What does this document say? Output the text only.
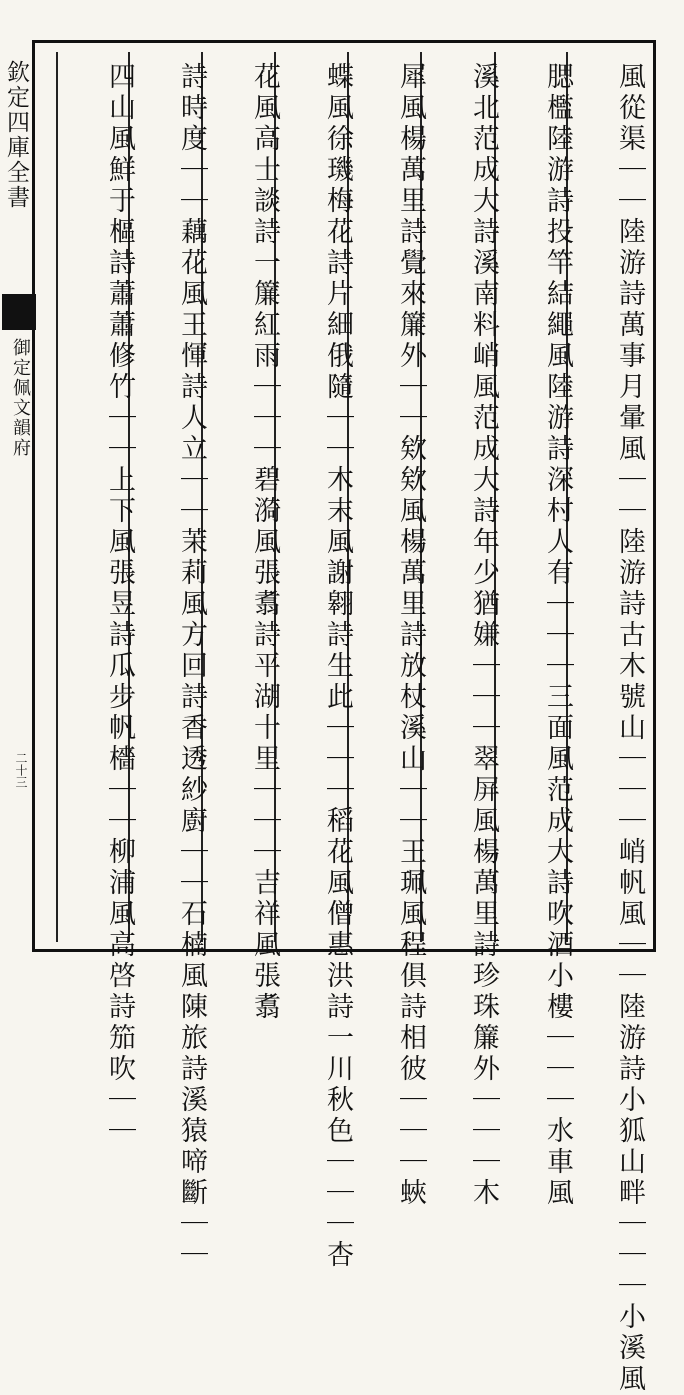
欽定四庫全書
御定佩文韻府
二十三	風從渠｜｜陸游詩萬事月暈風｜｜陸游詩古木號山｜｜｜峭帆風｜｜陸游詩小狐山畔｜｜｜小溪風
腮檻陸游詩投竿結繩風陸游詩深村人有｜｜｜三面風范成大詩吹酒小樓｜｜｜水車風
溪北范成大詩溪南料峭風范成大詩年少猶嫌｜｜｜翠屏風楊萬里詩珍珠簾外｜｜｜木
犀風楊萬里詩覺來簾外｜｜欸欸風楊萬里詩放杖溪山｜｜王珮風程俱詩相彼｜｜｜蛺
蝶風徐璣梅花詩片細俄隨｜｜木末風謝翱詩生此｜｜｜稻花風僧惠洪詩一川秋色｜｜｜杏
花風高士談詩一簾紅雨｜｜｜碧漪風張翥詩平湖十里｜｜｜吉祥風張翥
詩時度｜｜藕花風王惲詩人立｜｜茉莉風方回詩香透紗廚｜｜石楠風陳旅詩溪猿啼斷｜｜
四山風鮮于樞詩蕭蕭修竹｜｜上下風張昱詩瓜步帆檣｜｜柳浦風高啓詩笳吹｜｜
